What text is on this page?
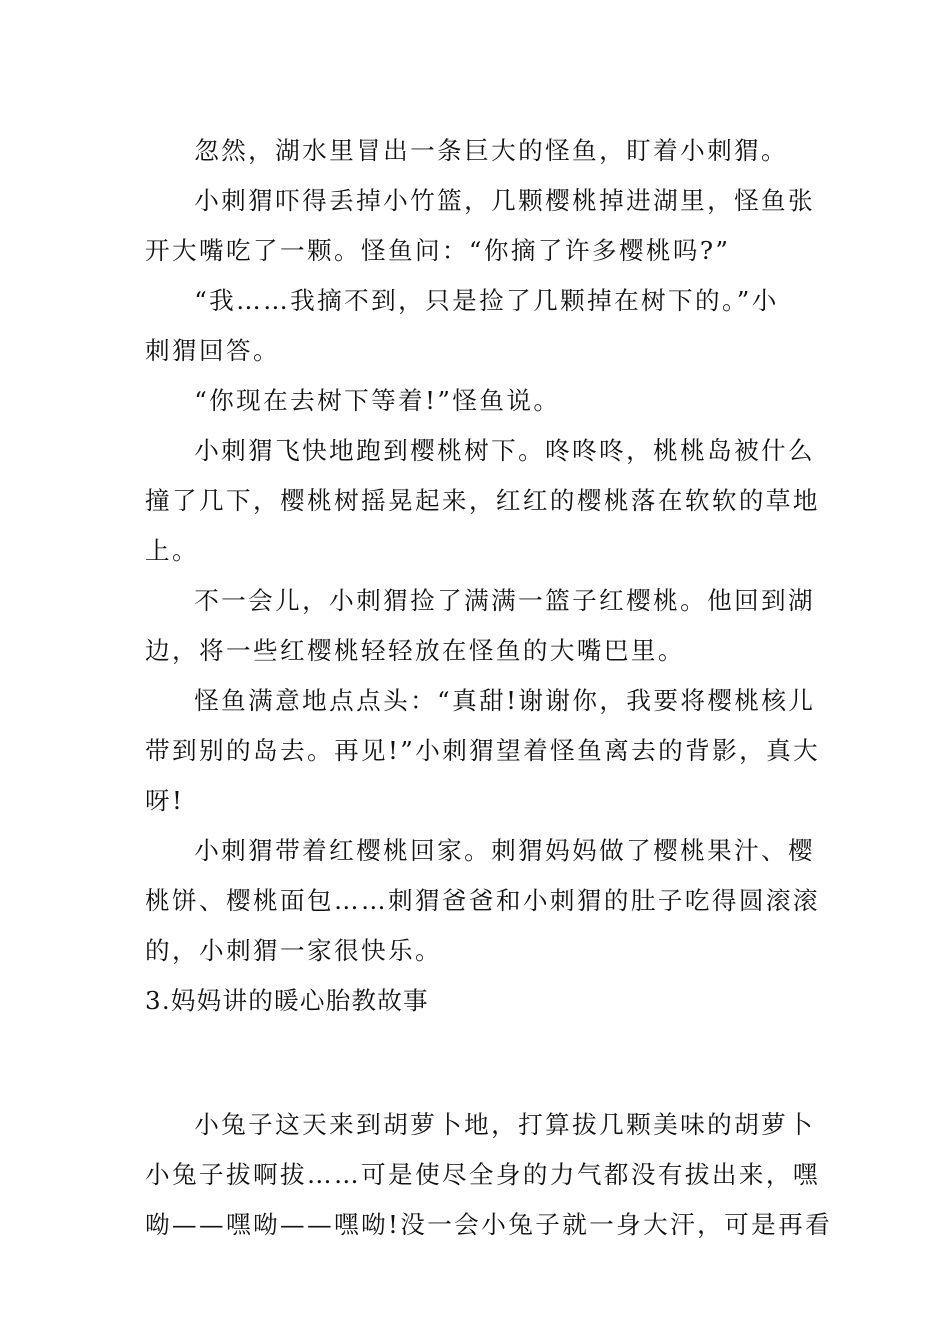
忽然，湖水里冒出一条巨大的怪鱼，盯着小刺猬。

小刺猬吓得丢掉小竹篮，几颗樱桃掉进湖里，怪鱼张
开大嘴吃了一颗。怪鱼问：“你摘了许多樱桃吗?”

“我……我摘不到，只是捡了几颗掉在树下的。”小
刺猬回答。

“你现在去树下等着!”怪鱼说。

小刺猬飞快地跑到樱桃树下。咚咚咚，桃桃岛被什么
撞了几下，樱桃树摇晃起来，红红的樱桃落在软软的草地
上。

不一会儿，小刺猬捡了满满一篮子红樱桃。他回到湖
边，将一些红樱桃轻轻放在怪鱼的大嘴巴里。

怪鱼满意地点点头：“真甜!谢谢你，我要将樱桃核儿
带到别的岛去。再见!”小刺猬望着怪鱼离去的背影，真大
呀!

小刺猬带着红樱桃回家。刺猬妈妈做了樱桃果汁、樱
桃饼、樱桃面包……刺猬爸爸和小刺猬的肚子吃得圆滚滚
的，小刺猬一家很快乐。

3.妈妈讲的暖心胎教故事

小兔子这天来到胡萝卜地，打算拔几颗美味的胡萝卜
小兔子拔啊拔……可是使尽全身的力气都没有拔出来，嘿
呦——嘿呦——嘿呦!没一会小兔子就一身大汗，可是再看
